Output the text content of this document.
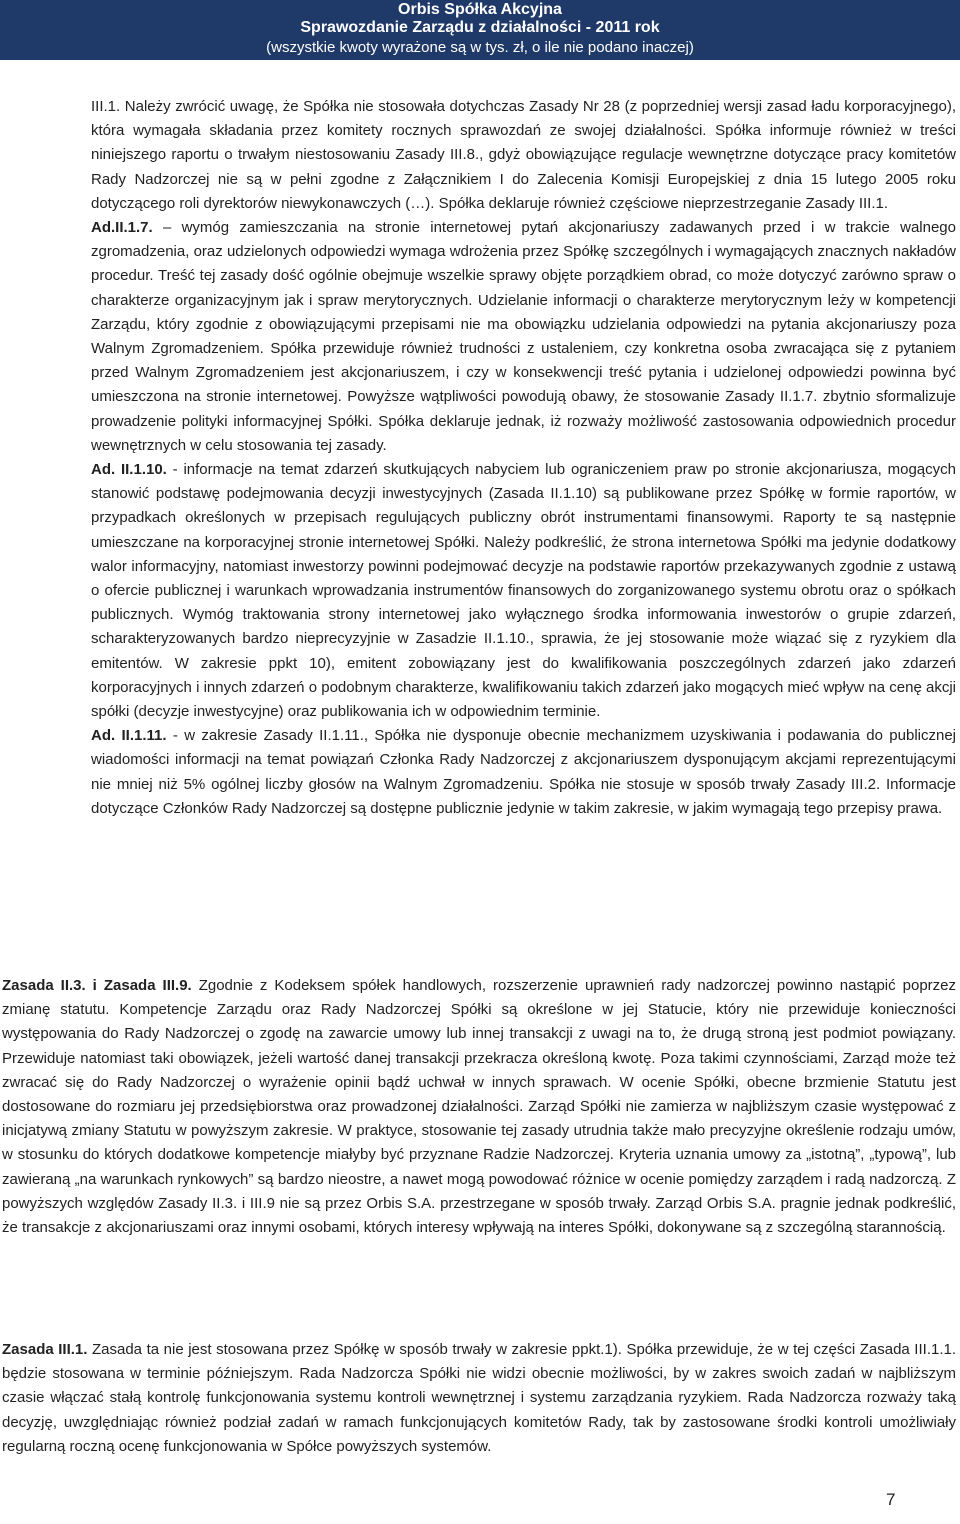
Orbis Spółka Akcyjna
Sprawozdanie Zarządu z działalności - 2011 rok
(wszystkie kwoty wyrażone są w tys. zł, o ile nie podano inaczej)

III.1. Należy zwrócić uwagę, że Spółka nie stosowała dotychczas Zasady Nr 28 (z poprzedniej wersji zasad ładu korporacyjnego), która wymagała składania przez komitety rocznych sprawozdań ze swojej działalności. Spółka informuje również w treści niniejszego raportu o trwałym niestosowaniu Zasady III.8., gdyż obowiązujące regulacje wewnętrzne dotyczące pracy komitetów Rady Nadzorczej nie są w pełni zgodne z Załącznikiem I do Zalecenia Komisji Europejskiej z dnia 15 lutego 2005 roku dotyczącego roli dyrektorów niewykonawczych (…). Spółka deklaruje również częściowe nieprzestrzeganie Zasady III.1.

Ad.II.1.7. – wymóg zamieszczania na stronie internetowej pytań akcjonariuszy zadawanych przed i w trakcie walnego zgromadzenia, oraz udzielonych odpowiedzi wymaga wdrożenia przez Spółkę szczególnych i wymagających znacznych nakładów procedur. Treść tej zasady dość ogólnie obejmuje wszelkie sprawy objęte porządkiem obrad, co może dotyczyć zarówno spraw o charakterze organizacyjnym jak i spraw merytorycznych. Udzielanie informacji o charakterze merytorycznym leży w kompetencji Zarządu, który zgodnie z obowiązującymi przepisami nie ma obowiązku udzielania odpowiedzi na pytania akcjonariuszy poza Walnym Zgromadzeniem. Spółka przewiduje również trudności z ustaleniem, czy konkretna osoba zwracająca się z pytaniem przed Walnym Zgromadzeniem jest akcjonariuszem, i czy w konsekwencji treść pytania i udzielonej odpowiedzi powinna być umieszczona na stronie internetowej. Powyższe wątpliwości powodują obawy, że stosowanie Zasady II.1.7. zbytnio sformalizuje prowadzenie polityki informacyjnej Spółki. Spółka deklaruje jednak, iż rozważy możliwość zastosowania odpowiednich procedur wewnętrznych w celu stosowania tej zasady.

Ad. II.1.10. - informacje na temat zdarzeń skutkujących nabyciem lub ograniczeniem praw po stronie akcjonariusza, mogących stanowić podstawę podejmowania decyzji inwestycyjnych (Zasada II.1.10) są publikowane przez Spółkę w formie raportów, w przypadkach określonych w przepisach regulujących publiczny obrót instrumentami finansowymi. Raporty te są następnie umieszczane na korporacyjnej stronie internetowej Spółki. Należy podkreślić, że strona internetowa Spółki ma jedynie dodatkowy walor informacyjny, natomiast inwestorzy powinni podejmować decyzje na podstawie raportów przekazywanych zgodnie z ustawą o ofercie publicznej i warunkach wprowadzania instrumentów finansowych do zorganizowanego systemu obrotu oraz o spółkach publicznych. Wymóg traktowania strony internetowej jako wyłącznego środka informowania inwestorów o grupie zdarzeń, scharakteryzowanych bardzo nieprecyzyjnie w Zasadzie II.1.10., sprawia, że jej stosowanie może wiązać się z ryzykiem dla emitentów. W zakresie ppkt 10), emitent zobowiązany jest do kwalifikowania poszczególnych zdarzeń jako zdarzeń korporacyjnych i innych zdarzeń o podobnym charakterze, kwalifikowaniu takich zdarzeń jako mogących mieć wpływ na cenę akcji spółki (decyzje inwestycyjne) oraz publikowania ich w odpowiednim terminie.

Ad. II.1.11. - w zakresie Zasady II.1.11., Spółka nie dysponuje obecnie mechanizmem uzyskiwania i podawania do publicznej wiadomości informacji na temat powiązań Członka Rady Nadzorczej z akcjonariuszem dysponującym akcjami reprezentującymi nie mniej niż 5% ogólnej liczby głosów na Walnym Zgromadzeniu. Spółka nie stosuje w sposób trwały Zasady III.2. Informacje dotyczące Członków Rady Nadzorczej są dostępne publicznie jedynie w takim zakresie, w jakim wymagają tego przepisy prawa.

Zasada II.3. i Zasada III.9. Zgodnie z Kodeksem spółek handlowych, rozszerzenie uprawnień rady nadzorczej powinno nastąpić poprzez zmianę statutu. Kompetencje Zarządu oraz Rady Nadzorczej Spółki są określone w jej Statucie, który nie przewiduje konieczności występowania do Rady Nadzorczej o zgodę na zawarcie umowy lub innej transakcji z uwagi na to, że drugą stroną jest podmiot powiązany. Przewiduje natomiast taki obowiązek, jeżeli wartość danej transakcji przekracza określoną kwotę. Poza takimi czynnościami, Zarząd może też zwracać się do Rady Nadzorczej o wyrażenie opinii bądź uchwał w innych sprawach. W ocenie Spółki, obecne brzmienie Statutu jest dostosowane do rozmiaru jej przedsiębiorstwa oraz prowadzonej działalności. Zarząd Spółki nie zamierza w najbliższym czasie występować z inicjatywą zmiany Statutu w powyższym zakresie. W praktyce, stosowanie tej zasady utrudnia także mało precyzyjne określenie rodzaju umów, w stosunku do których dodatkowe kompetencje miałyby być przyznane Radzie Nadzorczej. Kryteria uznania umowy za „istotną”, „typową”, lub zawieraną „na warunkach rynkowych” są bardzo nieostre, a nawet mogą powodować różnice w ocenie pomiędzy zarządem i radą nadzorczą. Z powyższych względów Zasady II.3. i III.9 nie są przez Orbis S.A. przestrzegane w sposób trwały. Zarząd Orbis S.A. pragnie jednak podkreślić, że transakcje z akcjonariuszami oraz innymi osobami, których interesy wpływają na interes Spółki, dokonywane są z szczególną starannością.

Zasada III.1. Zasada ta nie jest stosowana przez Spółkę w sposób trwały w zakresie ppkt.1). Spółka przewiduje, że w tej części Zasada III.1.1. będzie stosowana w terminie późniejszym. Rada Nadzorcza Spółki nie widzi obecnie możliwości, by w zakres swoich zadań w najbliższym czasie włączać stałą kontrolę funkcjonowania systemu kontroli wewnętrznej i systemu zarządzania ryzykiem. Rada Nadzorcza rozważy taką decyzję, uwzględniając również podział zadań w ramach funkcjonujących komitetów Rady, tak by zastosowane środki kontroli umożliwiały regularną roczną ocenę funkcjonowania w Spółce powyższych systemów.

7
